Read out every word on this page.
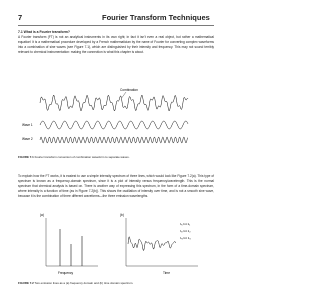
7	Fourier Transform Techniques
7.1 What is a Fourier transform?
A Fourier transform (FT) is not an analytical instruments in its own right; in fact it isn't even a real object, but rather a mathematical equation! It is a mathematical procedure developed by a French mathematician by the name of Fourier for converting complex waveforms into a combination of sine waves (see Figure 7.1), which are distinguished by their intensity and frequency. This may not sound terribly relevant to chemical instrumentation: making the connection is what this chapter is about.
Combination
Wave 1
Wave 2
FIGURE 7.1 Fourier transform conversion of combination waveform to separate waves.
To explain how the FT works, it is easiest to use a simple intensity spectrum of three lines, which would look like Figure 7.2(a). This type of spectrum is known as a frequency-domain spectrum, since it is a plot of intensity versus frequency/wavelength. This is the normal spectrum that chemical analysis is based on. There is another way of expressing this spectrum, in the form of a time-domain spectrum, where intensity is a function of time (as in Figure 7.2(b)). This shows the oscillation of intensity over time, and is not a smooth sine wave, because it is the combination of three different waveforms—the three emission wavelengths.
(a)
Frequency
(b)
λ₁ Int 1₁
λ₂ Int 1₂
λ₃ Int 1₃
Time
FIGURE 7.2 Two emission lines as a (a) frequency domain and (b) time domain spectrum.
